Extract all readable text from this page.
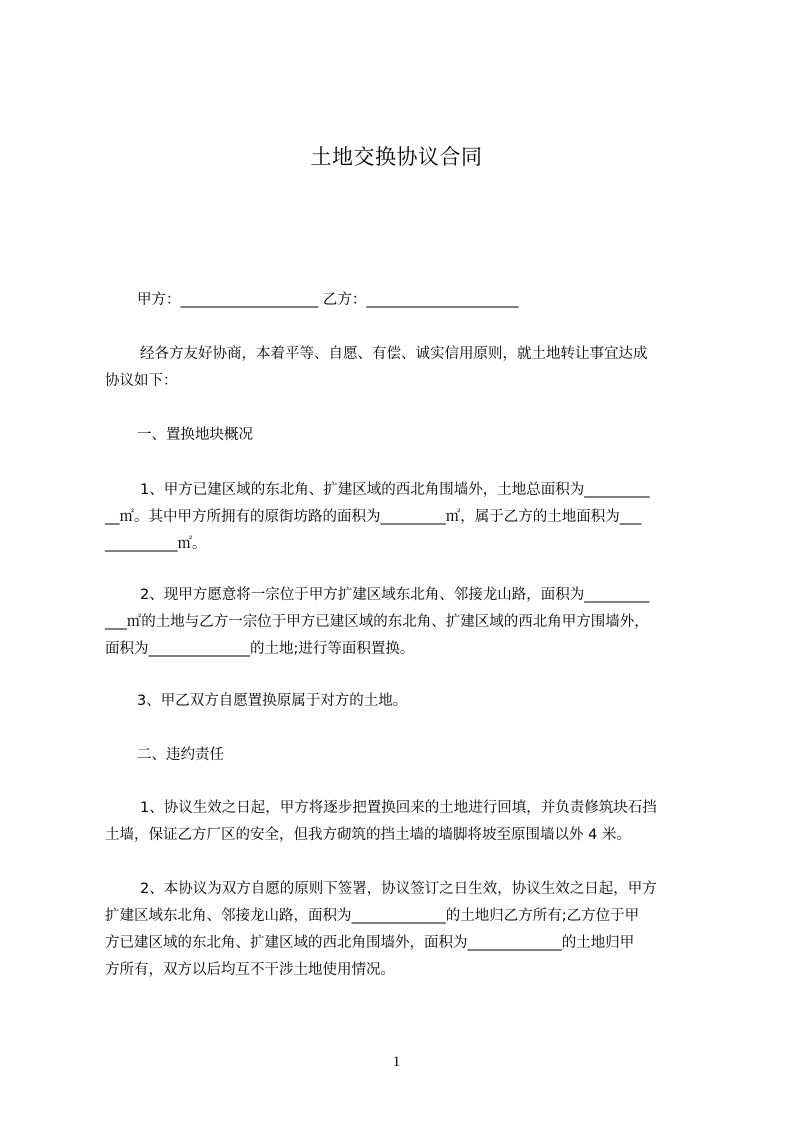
土地交换协议合同
甲方：___________________ 乙方：_____________________
经各方友好协商，本着平等、自愿、有偿、诚实信用原则，就土地转让事宜达成
协议如下：
一、置换地块概况
1、甲方已建区域的东北角、扩建区域的西北角围墙外，土地总面积为_________
__㎡。其中甲方所拥有的原街坊路的面积为_________㎡，属于乙方的土地面积为___
__________㎡。
2、现甲方愿意将一宗位于甲方扩建区域东北角、邻接龙山路，面积为_________
___㎡的土地与乙方一宗位于甲方已建区域的东北角、扩建区域的西北角甲方围墙外，
面积为______________的土地;进行等面积置换。
3、甲乙双方自愿置换原属于对方的土地。
二、违约责任
1、协议生效之日起，甲方将逐步把置换回来的土地进行回填，并负责修筑块石挡
土墙，保证乙方厂区的安全，但我方砌筑的挡土墙的墙脚将坡至原围墙以外 4 米。
2、本协议为双方自愿的原则下签署，协议签订之日生效，协议生效之日起，甲方
扩建区域东北角、邻接龙山路，面积为_____________的土地归乙方所有;乙方位于甲
方已建区域的东北角、扩建区域的西北角围墙外，面积为_____________的土地归甲
方所有，双方以后均互不干涉土地使用情况。
1
